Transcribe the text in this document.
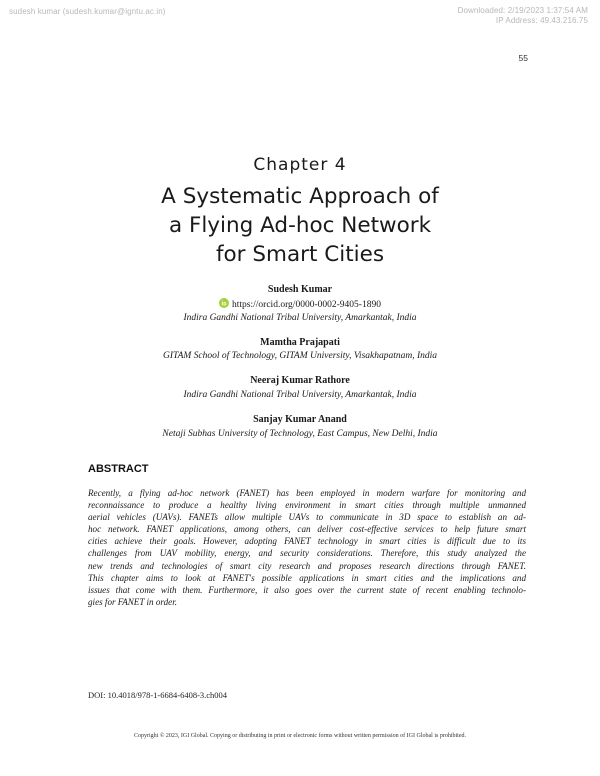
sudesh kumar (sudesh.kumar@igntu.ac.in)	Downloaded: 2/19/2023 1:37:54 AM
IP Address: 49.43.216.75
55
Chapter 4
A Systematic Approach of
a Flying Ad-hoc Network
for Smart Cities
Sudesh Kumar
https://orcid.org/0000-0002-9405-1890
Indira Gandhi National Tribal University, Amarkantak, India
Mamtha Prajapati
GITAM School of Technology, GITAM University, Visakhapatnam, India
Neeraj Kumar Rathore
Indira Gandhi National Tribal University, Amarkantak, India
Sanjay Kumar Anand
Netaji Subhas University of Technology, East Campus, New Delhi, India
ABSTRACT
Recently, a flying ad-hoc network (FANET) has been employed in modern warfare for monitoring and
reconnaissance to produce a healthy living environment in smart cities through multiple unmanned
aerial vehicles (UAVs). FANETs allow multiple UAVs to communicate in 3D space to establish an ad-
hoc network. FANET applications, among others, can deliver cost-effective services to help future smart
cities achieve their goals. However, adopting FANET technology in smart cities is difficult due to its
challenges from UAV mobility, energy, and security considerations. Therefore, this study analyzed the
new trends and technologies of smart city research and proposes research directions through FANET.
This chapter aims to look at FANET's possible applications in smart cities and the implications and
issues that come with them. Furthermore, it also goes over the current state of recent enabling technolo-
gies for FANET in order.
DOI: 10.4018/978-1-6684-6408-3.ch004
Copyright © 2023, IGI Global. Copying or distributing in print or electronic forms without written permission of IGI Global is prohibited.
